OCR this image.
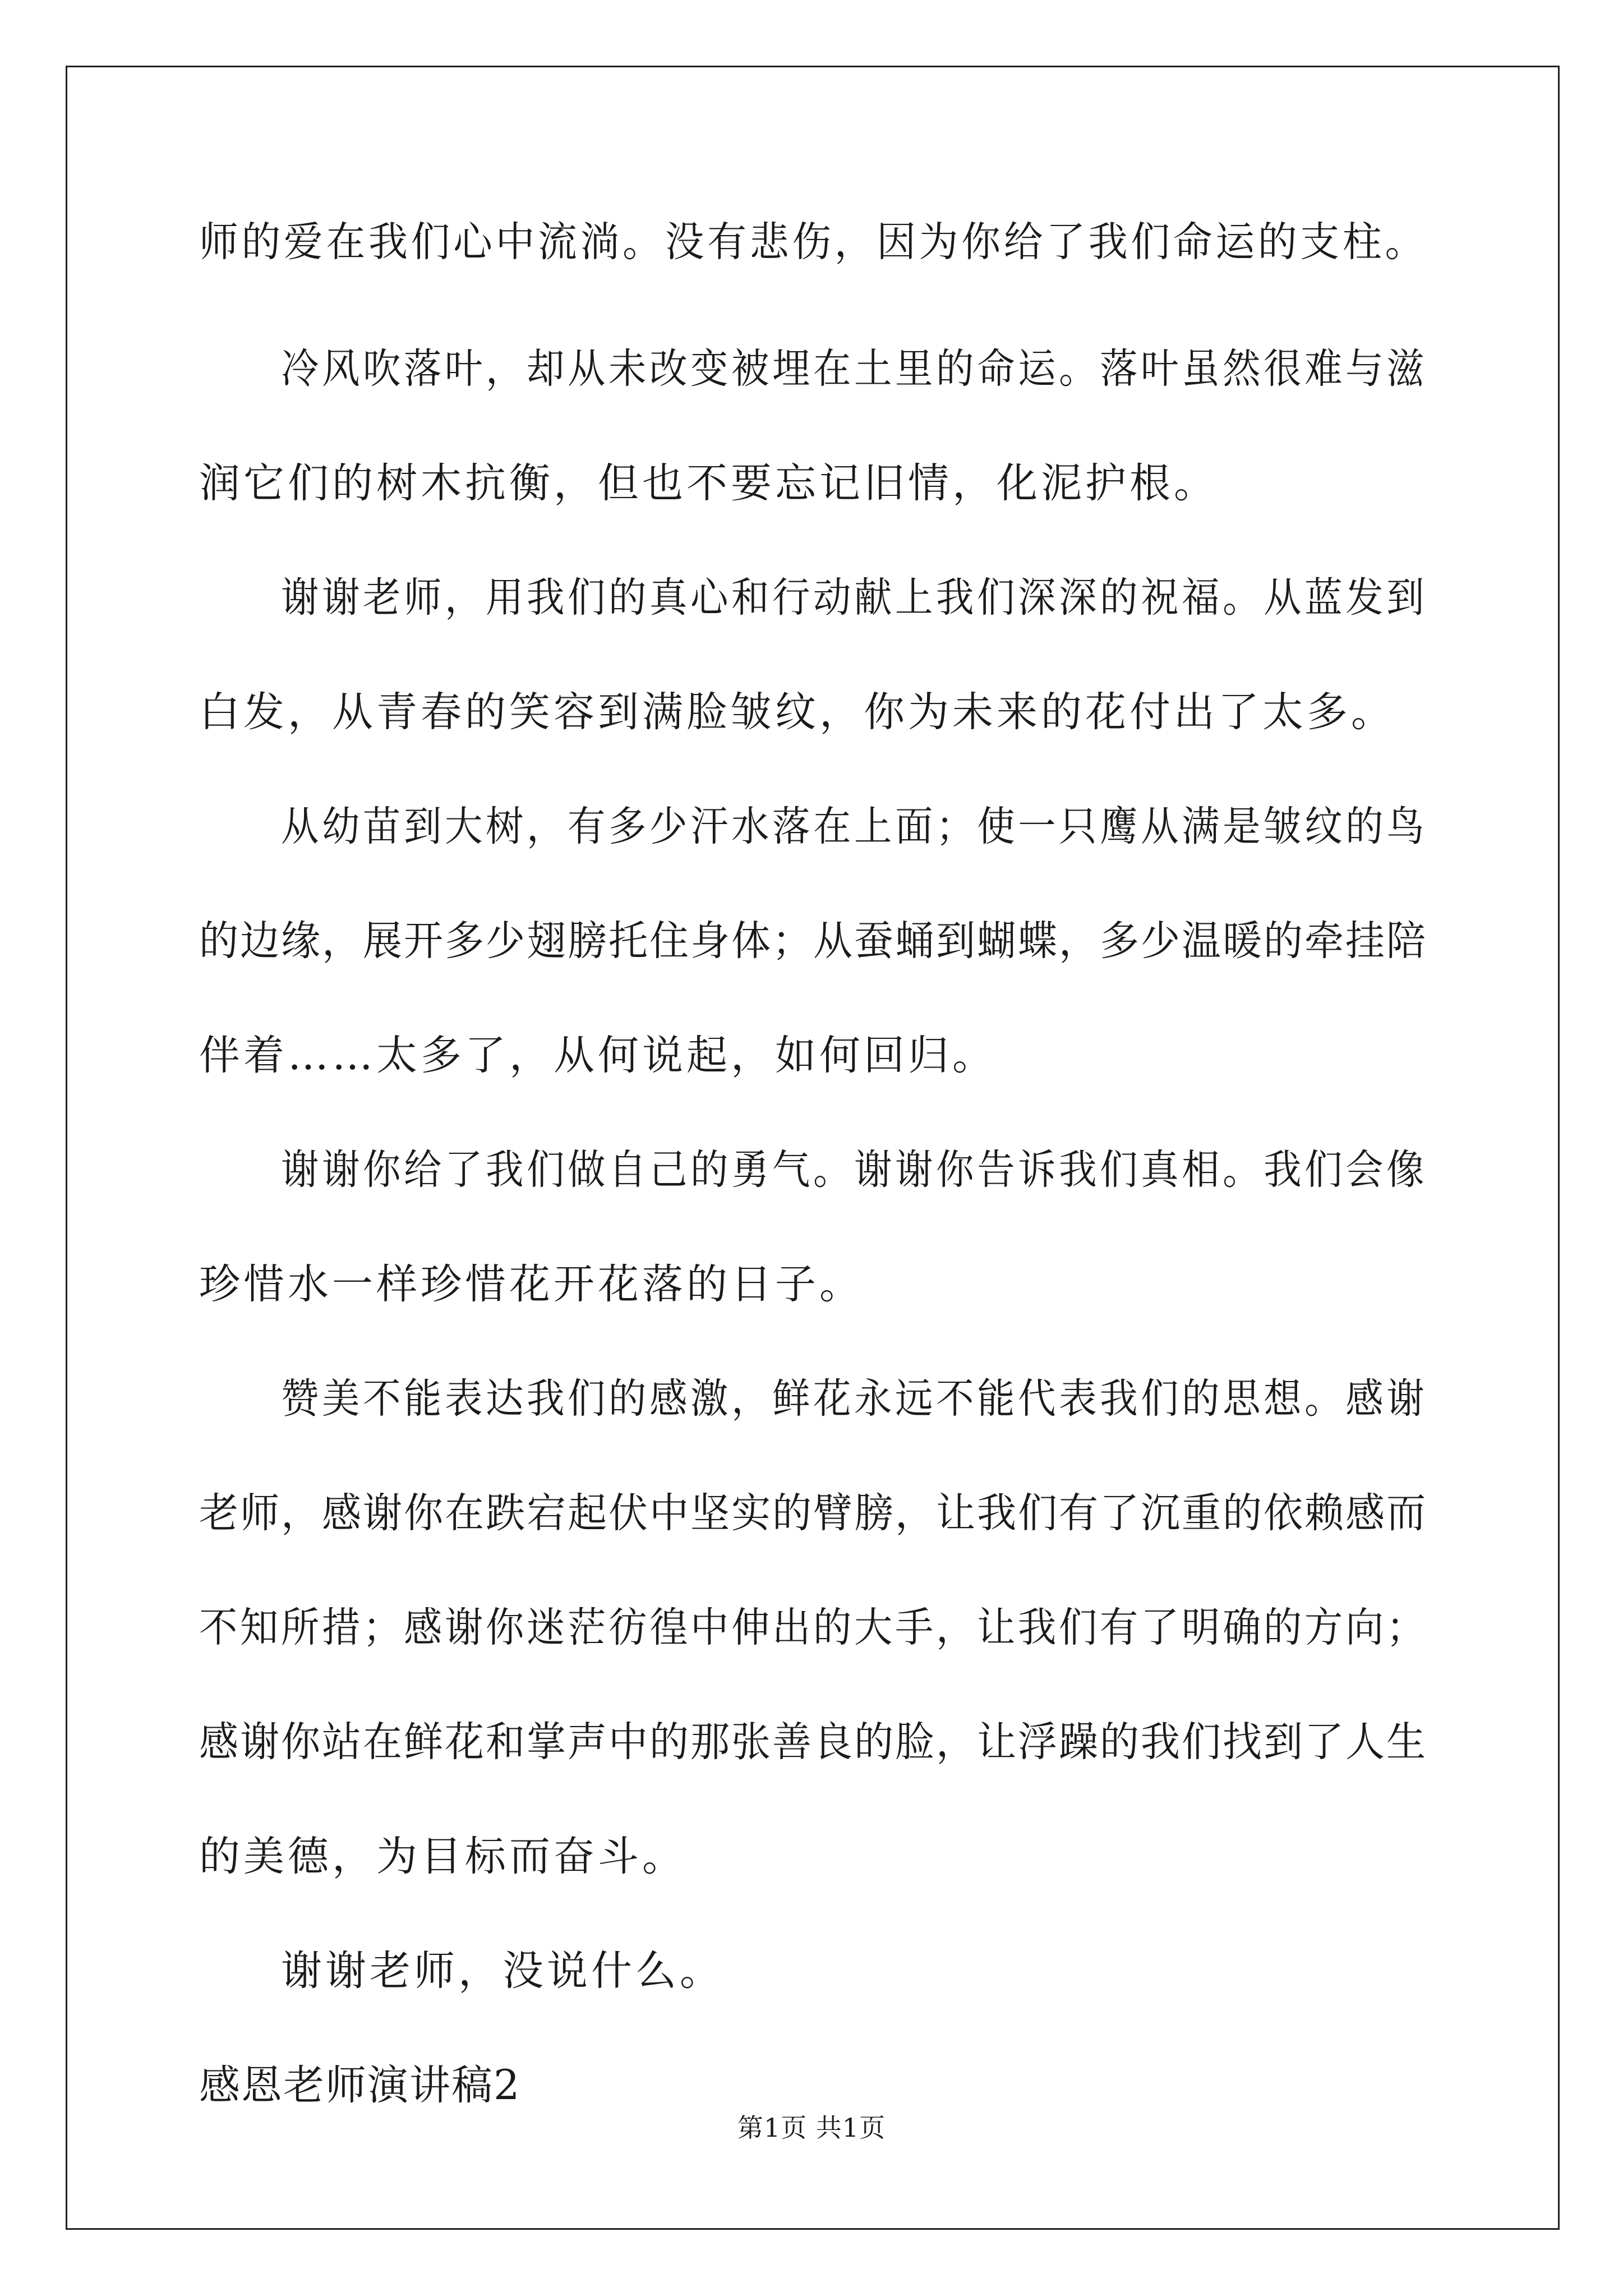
师的爱在我们心中流淌。没有悲伤，因为你给了我们命运的支柱。
冷风吹落叶，却从未改变被埋在土里的命运。落叶虽然很难与滋
润它们的树木抗衡，但也不要忘记旧情，化泥护根。
谢谢老师，用我们的真心和行动献上我们深深的祝福。从蓝发到
白发，从青春的笑容到满脸皱纹，你为未来的花付出了太多。
从幼苗到大树，有多少汗水落在上面；使一只鹰从满是皱纹的鸟
的边缘，展开多少翅膀托住身体；从蚕蛹到蝴蝶，多少温暖的牵挂陪
伴着……太多了，从何说起，如何回归。
谢谢你给了我们做自己的勇气。谢谢你告诉我们真相。我们会像
珍惜水一样珍惜花开花落的日子。
赞美不能表达我们的感激，鲜花永远不能代表我们的思想。感谢
老师，感谢你在跌宕起伏中坚实的臂膀，让我们有了沉重的依赖感而
不知所措；感谢你迷茫彷徨中伸出的大手，让我们有了明确的方向；
感谢你站在鲜花和掌声中的那张善良的脸，让浮躁的我们找到了人生
的美德，为目标而奋斗。
谢谢老师，没说什么。
感恩老师演讲稿2
第1页 共1页
